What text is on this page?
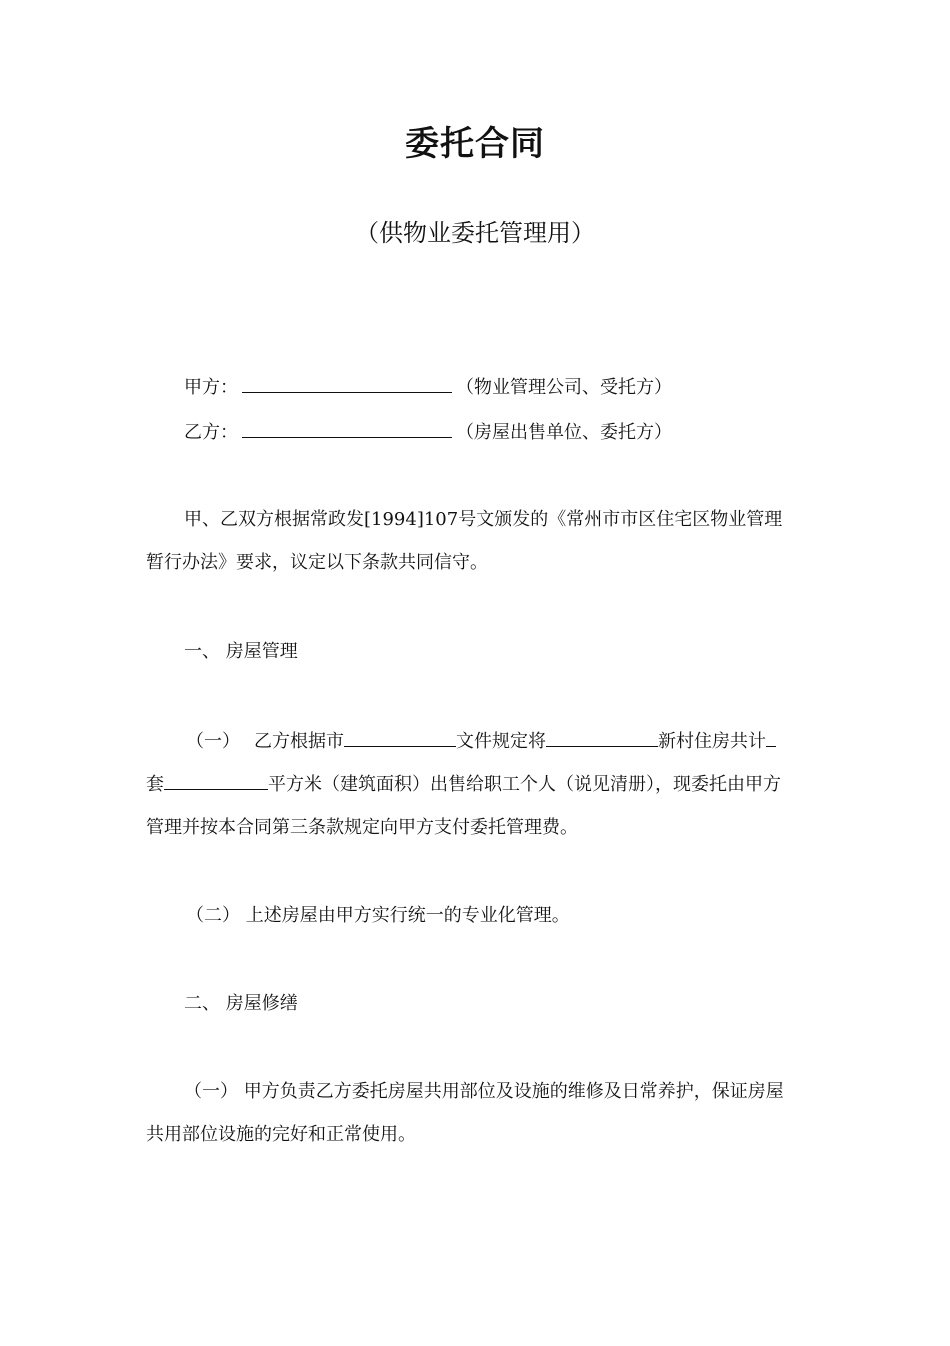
委托合同
（供物业委托管理用）
甲方：	（物业管理公司、受托方）
乙方：	（房屋出售单位、委托方）
甲、乙双方根据常政发[1994]107号文颁发的《常州市市区住宅区物业管理
暂行办法》要求，议定以下条款共同信守。
一、 房屋管理
（一） 乙方根据市	文件规定将	新村住房共计
套	平方米（建筑面积）出售给职工个人（说见清册），现委托由甲方
管理并按本合同第三条款规定向甲方支付委托管理费。
（二） 上述房屋由甲方实行统一的专业化管理。
二、 房屋修缮
（一） 甲方负责乙方委托房屋共用部位及设施的维修及日常养护，保证房屋
共用部位设施的完好和正常使用。
